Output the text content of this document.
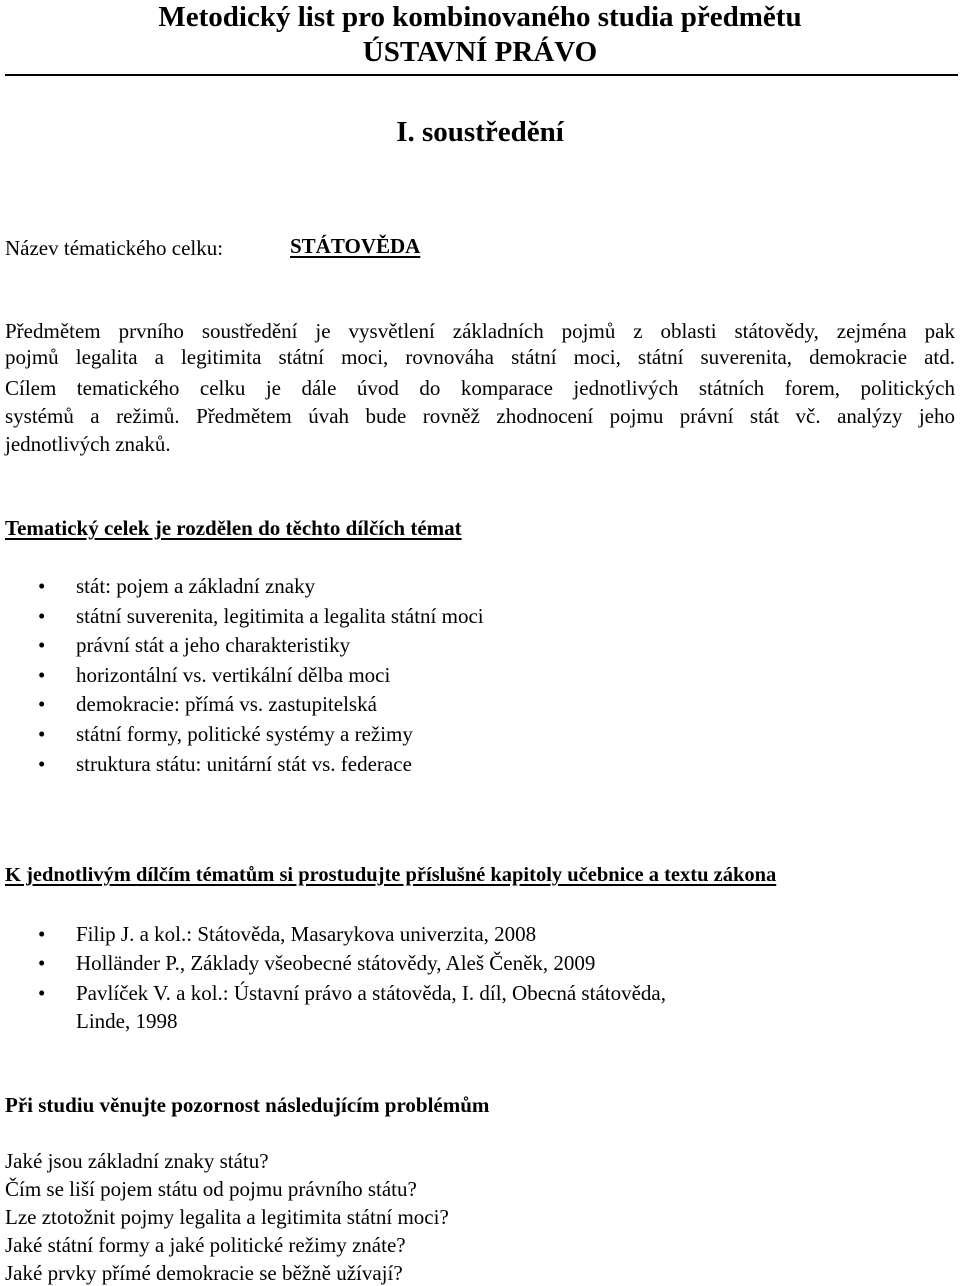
Metodický list pro kombinovaného studia předmětu
ÚSTAVNÍ PRÁVO
I. soustředění
Název tématického celku:	STÁTOVĚDA
Předmětem prvního soustředění je vysvětlení základních pojmů z oblasti státovědy, zejména pak
pojmů legalita a legitimita státní moci, rovnováha státní moci, státní suverenita, demokracie atd.
Cílem tematického celku je dále úvod do komparace jednotlivých státních forem, politických
systémů a režimů. Předmětem úvah bude rovněž zhodnocení pojmu právní stát vč. analýzy jeho
jednotlivých znaků.
Tematický celek je rozdělen do těchto dílčích témat
• stát: pojem a základní znaky
• státní suverenita, legitimita a legalita státní moci
• právní stát a jeho charakteristiky
• horizontální vs. vertikální dělba moci
• demokracie: přímá vs. zastupitelská
• státní formy, politické systémy a režimy
• struktura státu: unitární stát vs. federace
K jednotlivým dílčím tématům si prostudujte příslušné kapitoly učebnice a textu zákona
• Filip J. a kol.: Státověda, Masarykova univerzita, 2008
• Holländer P., Základy všeobecné státovědy, Aleš Čeněk, 2009
• Pavlíček V. a kol.: Ústavní právo a státověda, I. díl, Obecná státověda,
Linde, 1998
Při studiu věnujte pozornost následujícím problémům
Jaké jsou základní znaky státu?
Čím se liší pojem státu od pojmu právního státu?
Lze ztotožnit pojmy legalita a legitimita státní moci?
Jaké státní formy a jaké politické režimy znáte?
Jaké prvky přímé demokracie se běžně užívají?
